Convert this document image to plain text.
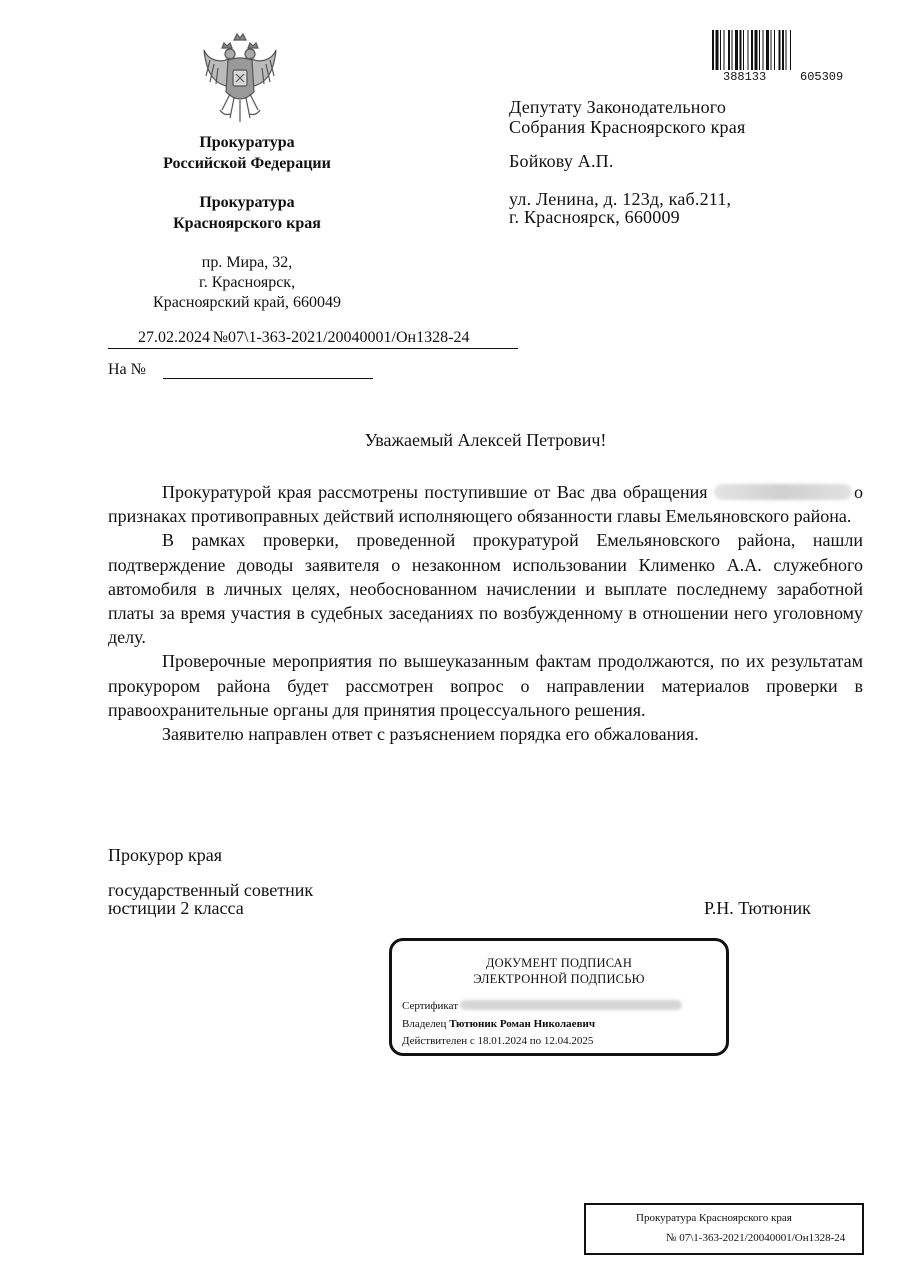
Прокуратура
Российской Федерации
Прокуратура
Красноярского края
пр. Мира, 32,
г. Красноярск,
Красноярский край, 660049
27.02.2024 №07\1-363-2021/20040001/Он1328-24
На №
388133	605309
Депутату Законодательного
Собрания Красноярского края
Бойкову А.П.
ул. Ленина, д. 123д, каб.211,
г. Красноярск, 660009
Уважаемый Алексей Петрович!

Прокуратурой края рассмотрены поступившие от Вас два обращения	о признаках противоправных действий исполняющего обязанности главы Емельяновского района.

В рамках проверки, проведенной прокуратурой Емельяновского района, нашли подтверждение доводы заявителя о незаконном использовании Клименко А.А. служебного автомобиля в личных целях, необоснованном начислении и выплате последнему заработной платы за время участия в судебных заседаниях по возбужденному в отношении него уголовному делу.

Проверочные мероприятия по вышеуказанным фактам продолжаются, по их результатам прокурором района будет рассмотрен вопрос о направлении материалов проверки в правоохранительные органы для принятия процессуального решения.

Заявителю направлен ответ с разъяснением порядка его обжалования.

Прокурор края
государственный советник
юстиции 2 класса	Р.Н. Тютюник
ДОКУМЕНТ ПОДПИСАН
ЭЛЕКТРОННОЙ ПОДПИСЬЮ
Сертификат
Владелец Тютюник Роман Николаевич
Действителен с 18.01.2024 по 12.04.2025
Прокуратура Красноярского края
№ 07\1-363-2021/20040001/Он1328-24
